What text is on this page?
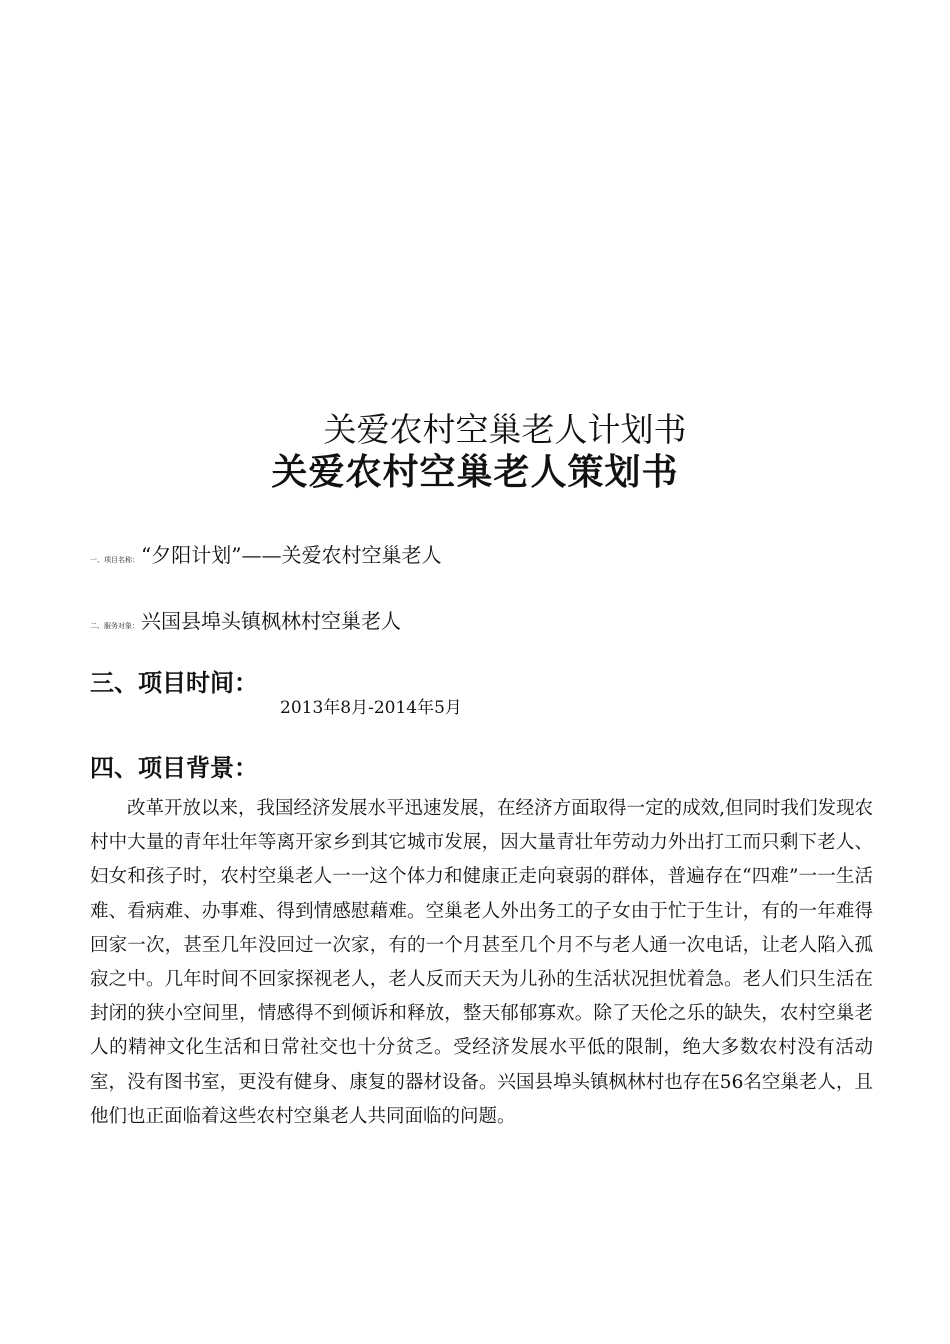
关爱农村空巢老人计划书
关爱农村空巢老人策划书
一、项目名称： “夕阳计划”——关爱农村空巢老人
二、服务对象： 兴国县埠头镇枫林村空巢老人
三、项目时间：
2013年8月-2014年5月
四、项目背景：

改革开放以来，我国经济发展水平迅速发展，在经济方面取得一定的成效,但同时我们发现农村中大量的青年壮年等离开家乡到其它城市发展，因大量青壮年劳动力外出打工而只剩下老人、妇女和孩子时，农村空巢老人一一这个体力和健康正走向衰弱的群体，普遍存在“四难”一一生活难、看病难、办事难、得到情感慰藉难。空巢老人外出务工的子女由于忙于生计，有的一年难得回家一次，甚至几年没回过一次家，有的一个月甚至几个月不与老人通一次电话，让老人陷入孤寂之中。几年时间不回家探视老人，老人反而天天为儿孙的生活状况担忧着急。老人们只生活在封闭的狭小空间里，情感得不到倾诉和释放，整天郁郁寡欢。除了天伦之乐的缺失，农村空巢老人的精神文化生活和日常社交也十分贫乏。受经济发展水平低的限制，绝大多数农村没有活动室，没有图书室，更没有健身、康复的器材设备。兴国县埠头镇枫林村也存在56名空巢老人，且他们也正面临着这些农村空巢老人共同面临的问题。
